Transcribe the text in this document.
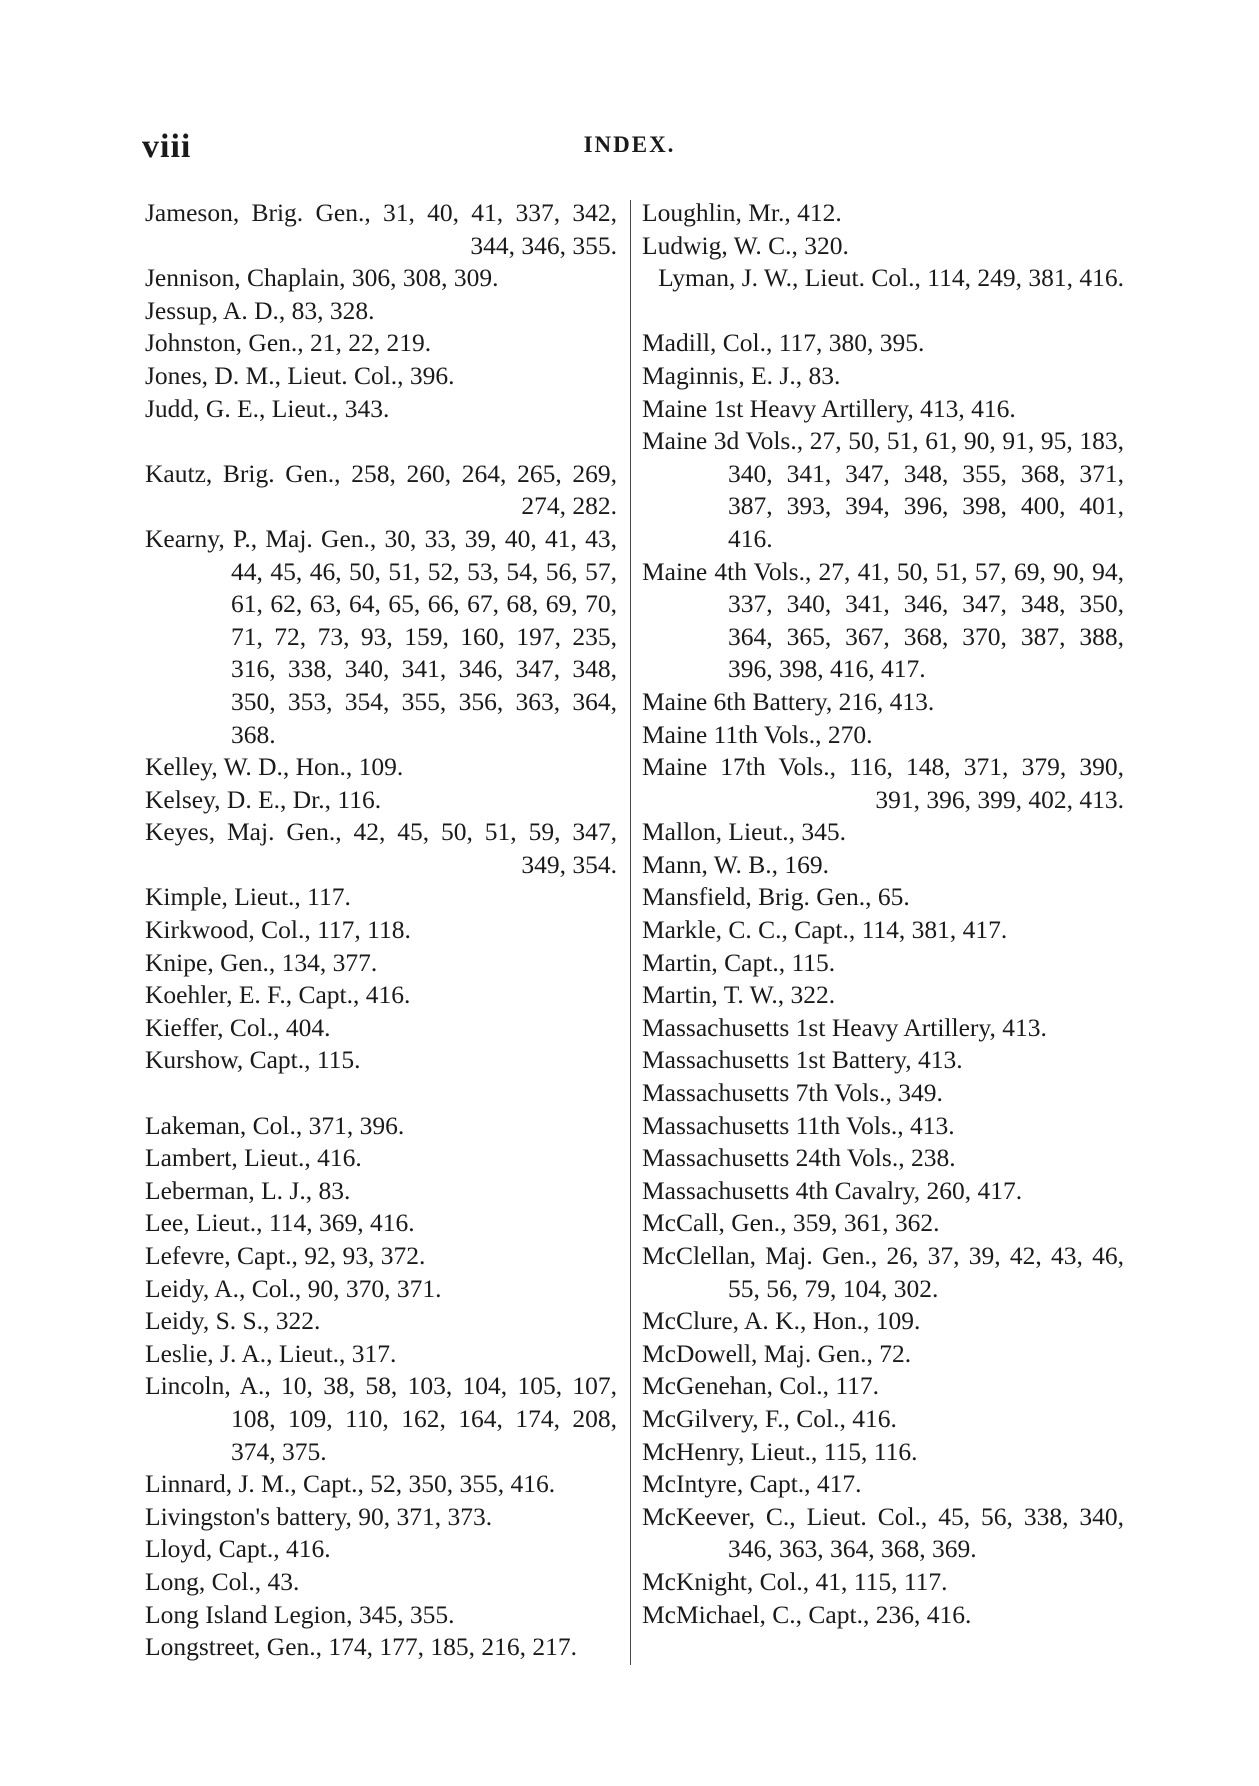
viii	INDEX.

Jameson, Brig. Gen., 31, 40, 41, 337, 342, 344, 346, 355.

Jennison, Chaplain, 306, 308, 309.

Jessup, A. D., 83, 328.

Johnston, Gen., 21, 22, 219.

Jones, D. M., Lieut. Col., 396.

Judd, G. E., Lieut., 343.

Kautz, Brig. Gen., 258, 260, 264, 265, 269, 274, 282.

Kearny, P., Maj. Gen., 30, 33, 39, 40, 41, 43, 44, 45, 46, 50, 51, 52, 53, 54, 56, 57, 61, 62, 63, 64, 65, 66, 67, 68, 69, 70, 71, 72, 73, 93, 159, 160, 197, 235, 316, 338, 340, 341, 346, 347, 348, 350, 353, 354, 355, 356, 363, 364, 368.

Kelley, W. D., Hon., 109.

Kelsey, D. E., Dr., 116.

Keyes, Maj. Gen., 42, 45, 50, 51, 59, 347, 349, 354.

Kimple, Lieut., 117.

Kirkwood, Col., 117, 118.

Knipe, Gen., 134, 377.

Koehler, E. F., Capt., 416.

Kieffer, Col., 404.

Kurshow, Capt., 115.

Lakeman, Col., 371, 396.

Lambert, Lieut., 416.

Leberman, L. J., 83.

Lee, Lieut., 114, 369, 416.

Lefevre, Capt., 92, 93, 372.

Leidy, A., Col., 90, 370, 371.

Leidy, S. S., 322.

Leslie, J. A., Lieut., 317.

Lincoln, A., 10, 38, 58, 103, 104, 105, 107, 108, 109, 110, 162, 164, 174, 208, 374, 375.

Linnard, J. M., Capt., 52, 350, 355, 416.

Livingston's battery, 90, 371, 373.

Lloyd, Capt., 416.

Long, Col., 43.

Long Island Legion, 345, 355.

Longstreet, Gen., 174, 177, 185, 216, 217.

Loughlin, Mr., 412.

Ludwig, W. C., 320.

Lyman, J. W., Lieut. Col., 114, 249, 381, 416.

Madill, Col., 117, 380, 395.

Maginnis, E. J., 83.

Maine 1st Heavy Artillery, 413, 416.

Maine 3d Vols., 27, 50, 51, 61, 90, 91, 95, 183, 340, 341, 347, 348, 355, 368, 371, 387, 393, 394, 396, 398, 400, 401, 416.

Maine 4th Vols., 27, 41, 50, 51, 57, 69, 90, 94, 337, 340, 341, 346, 347, 348, 350, 364, 365, 367, 368, 370, 387, 388, 396, 398, 416, 417.

Maine 6th Battery, 216, 413.

Maine 11th Vols., 270.

Maine 17th Vols., 116, 148, 371, 379, 390, 391, 396, 399, 402, 413.

Mallon, Lieut., 345.

Mann, W. B., 169.

Mansfield, Brig. Gen., 65.

Markle, C. C., Capt., 114, 381, 417.

Martin, Capt., 115.

Martin, T. W., 322.

Massachusetts 1st Heavy Artillery, 413.

Massachusetts 1st Battery, 413.

Massachusetts 7th Vols., 349.

Massachusetts 11th Vols., 413.

Massachusetts 24th Vols., 238.

Massachusetts 4th Cavalry, 260, 417.

McCall, Gen., 359, 361, 362.

McClellan, Maj. Gen., 26, 37, 39, 42, 43, 46, 55, 56, 79, 104, 302.

McClure, A. K., Hon., 109.

McDowell, Maj. Gen., 72.

McGenehan, Col., 117.

McGilvery, F., Col., 416.

McHenry, Lieut., 115, 116.

McIntyre, Capt., 417.

McKeever, C., Lieut. Col., 45, 56, 338, 340, 346, 363, 364, 368, 369.

McKnight, Col., 41, 115, 117.

McMichael, C., Capt., 236, 416.
